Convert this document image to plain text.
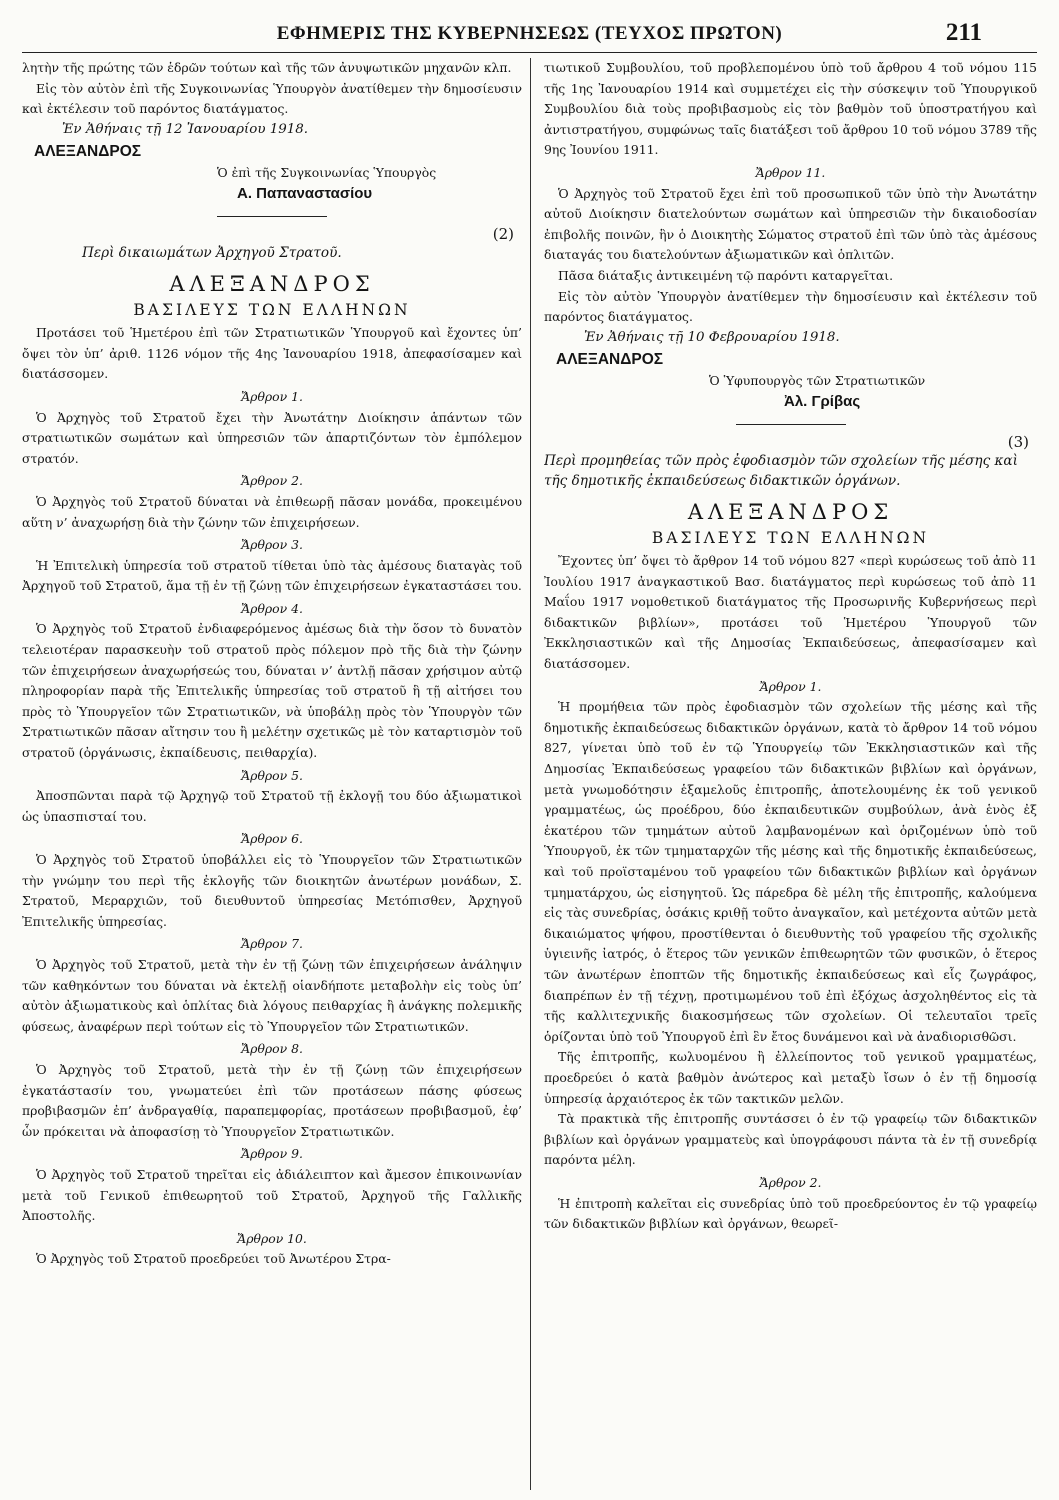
ΕΦΗΜΕΡΙΣ ΤΗΣ ΚΥΒΕΡΝΗΣΕΩΣ (ΤΕΥΧΟΣ ΠΡΩΤΟΝ)	211

λητὴν τῆς πρώτης τῶν ἑδρῶν τούτων καὶ τῆς τῶν ἀνυψωτικῶν μηχανῶν κλπ.

Εἰς τὸν αὐτὸν ἐπὶ τῆς Συγκοινωνίας Ὑπουργὸν ἀνατίθεμεν τὴν δημοσίευσιν καὶ ἐκτέλεσιν τοῦ παρόντος διατάγματος.

Ἐν Ἀθήναις τῇ 12 Ἰανουαρίου 1918.
ΑΛΕΞΑΝΔΡΟΣ
Ὁ ἐπὶ τῆς Συγκοινωνίας Ὑπουργὸς
Α. Παπαναστασίου
(2)
Περὶ δικαιωμάτων Ἀρχηγοῦ Στρατοῦ.
ΑΛΕΞΑΝΔΡΟΣ
ΒΑΣΙΛΕΥΣ ΤΩΝ ΕΛΛΗΝΩΝ

Προτάσει τοῦ Ἡμετέρου ἐπὶ τῶν Στρατιωτικῶν Ὑπουργοῦ καὶ ἔχοντες ὑπ’ ὄψει τὸν ὑπ’ ἀριθ. 1126 νόμον τῆς 4ης Ἰανουαρίου 1918, ἀπεφασίσαμεν καὶ διατάσσομεν.

Ἄρθρον 1.

Ὁ Ἀρχηγὸς τοῦ Στρατοῦ ἔχει τὴν Ἀνωτάτην Διοίκησιν ἁπάντων τῶν στρατιωτικῶν σωμάτων καὶ ὑπηρεσιῶν τῶν ἀπαρτιζόντων τὸν ἐμπόλεμον στρατόν.

Ἄρθρον 2.

Ὁ Ἀρχηγὸς τοῦ Στρατοῦ δύναται νὰ ἐπιθεωρῇ πᾶσαν μονάδα, προκειμένου αὕτη ν’ ἀναχωρήσῃ διὰ τὴν ζώνην τῶν ἐπιχειρήσεων.

Ἄρθρον 3.

Ἡ Ἐπιτελικὴ ὑπηρεσία τοῦ στρατοῦ τίθεται ὑπὸ τὰς ἀμέσους διαταγὰς τοῦ Ἀρχηγοῦ τοῦ Στρατοῦ, ἅμα τῇ ἐν τῇ ζώνῃ τῶν ἐπιχειρήσεων ἐγκαταστάσει του.

Ἄρθρον 4.

Ὁ Ἀρχηγὸς τοῦ Στρατοῦ ἐνδιαφερόμενος ἀμέσως διὰ τὴν ὅσον τὸ δυνατὸν τελειοτέραν παρασκευὴν τοῦ στρατοῦ πρὸς πόλεμον πρὸ τῆς διὰ τὴν ζώνην τῶν ἐπιχειρήσεων ἀναχωρήσεώς του, δύναται ν’ ἀντλῇ πᾶσαν χρήσιμον αὐτῷ πληροφορίαν παρὰ τῆς Ἐπιτελικῆς ὑπηρεσίας τοῦ στρατοῦ ἣ τῇ αἰτήσει του πρὸς τὸ Ὑπουργεῖον τῶν Στρατιωτικῶν, νὰ ὑποβάλῃ πρὸς τὸν Ὑπουργὸν τῶν Στρατιωτικῶν πᾶσαν αἴτησιν του ἢ μελέτην σχετικῶς μὲ τὸν καταρτισμὸν τοῦ στρατοῦ (ὀργάνωσις, ἐκπαίδευσις, πειθαρχία).

Ἄρθρον 5.

Ἀποσπῶνται παρὰ τῷ Ἀρχηγῷ τοῦ Στρατοῦ τῇ ἐκλογῇ του δύο ἀξιωματικοὶ ὡς ὑπασπισταί του.

Ἄρθρον 6.

Ὁ Ἀρχηγὸς τοῦ Στρατοῦ ὑποβάλλει εἰς τὸ Ὑπουργεῖον τῶν Στρατιωτικῶν τὴν γνώμην του περὶ τῆς ἐκλογῆς τῶν διοικητῶν ἀνωτέρων μονάδων, Σ. Στρατοῦ, Μεραρχιῶν, τοῦ διευθυντοῦ ὑπηρεσίας Μετόπισθεν, Ἀρχηγοῦ Ἐπιτελικῆς ὑπηρεσίας.

Ἄρθρον 7.

Ὁ Ἀρχηγὸς τοῦ Στρατοῦ, μετὰ τὴν ἐν τῇ ζώνῃ τῶν ἐπιχειρήσεων ἀνάληψιν τῶν καθηκόντων του δύναται νὰ ἐκτελῇ οἱανδήποτε μεταβολὴν εἰς τοὺς ὑπ’ αὐτὸν ἀξιωματικοὺς καὶ ὁπλίτας διὰ λόγους πειθαρχίας ἢ ἀνάγκης πολεμικῆς φύσεως, ἀναφέρων περὶ τούτων εἰς τὸ Ὑπουργεῖον τῶν Στρατιωτικῶν.

Ἄρθρον 8.

Ὁ Ἀρχηγὸς τοῦ Στρατοῦ, μετὰ τὴν ἐν τῇ ζώνῃ τῶν ἐπιχειρήσεων ἐγκατάστασίν του, γνωματεύει ἐπὶ τῶν προτάσεων πάσης φύσεως προβιβασμῶν ἐπ’ ἀνδραγαθίᾳ, παραπεμφορίας, προτάσεων προβιβασμοῦ, ἐφ’ ὧν πρόκειται νὰ ἀποφασίσῃ τὸ Ὑπουργεῖον Στρατιωτικῶν.

Ἄρθρον 9.

Ὁ Ἀρχηγὸς τοῦ Στρατοῦ τηρεῖται εἰς ἀδιάλειπτον καὶ ἄμεσον ἐπικοινωνίαν μετὰ τοῦ Γενικοῦ ἐπιθεωρητοῦ τοῦ Στρατοῦ, Ἀρχηγοῦ τῆς Γαλλικῆς Ἀποστολῆς.

Ἄρθρον 10.

Ὁ Ἀρχηγὸς τοῦ Στρατοῦ προεδρεύει τοῦ Ἀνωτέρου Στρα-

τιωτικοῦ Συμβουλίου, τοῦ προβλεπομένου ὑπὸ τοῦ ἄρθρου 4 τοῦ νόμου 115 τῆς 1ης Ἰανουαρίου 1914 καὶ συμμετέχει εἰς τὴν σύσκεψιν τοῦ Ὑπουργικοῦ Συμβουλίου διὰ τοὺς προβιβασμοὺς εἰς τὸν βαθμὸν τοῦ ὑποστρατήγου καὶ ἀντιστρατήγου, συμφώνως ταῖς διατάξεσι τοῦ ἄρθρου 10 τοῦ νόμου 3789 τῆς 9ης Ἰουνίου 1911.

Ἄρθρον 11.

Ὁ Ἀρχηγὸς τοῦ Στρατοῦ ἔχει ἐπὶ τοῦ προσωπικοῦ τῶν ὑπὸ τὴν Ἀνωτάτην αὐτοῦ Διοίκησιν διατελούντων σωμάτων καὶ ὑπηρεσιῶν τὴν δικαιοδοσίαν ἐπιβολῆς ποινῶν, ἣν ὁ Διοικητὴς Σώματος στρατοῦ ἐπὶ τῶν ὑπὸ τὰς ἀμέσους διαταγάς του διατελούντων ἀξιωματικῶν καὶ ὁπλιτῶν.

Πᾶσα διάταξις ἀντικειμένη τῷ παρόντι καταργεῖται.

Εἰς τὸν αὐτὸν Ὑπουργὸν ἀνατίθεμεν τὴν δημοσίευσιν καὶ ἐκτέλεσιν τοῦ παρόντος διατάγματος.

Ἐν Ἀθήναις τῇ 10 Φεβρουαρίου 1918.
ΑΛΕΞΑΝΔΡΟΣ
Ὁ Ὑφυπουργὸς τῶν Στρατιωτικῶν
Ἀλ. Γρίβας
(3)
Περὶ προμηθείας τῶν πρὸς ἐφοδιασμὸν τῶν σχολείων τῆς μέσης καὶ τῆς δημοτικῆς ἐκπαιδεύσεως διδακτικῶν ὀργάνων.
ΑΛΕΞΑΝΔΡΟΣ
ΒΑΣΙΛΕΥΣ ΤΩΝ ΕΛΛΗΝΩΝ

Ἔχοντες ὑπ’ ὄψει τὸ ἄρθρον 14 τοῦ νόμου 827 «περὶ κυρώσεως τοῦ ἀπὸ 11 Ἰουλίου 1917 ἀναγκαστικοῦ Βασ. διατάγματος περὶ κυρώσεως τοῦ ἀπὸ 11 Μαΐου 1917 νομοθετικοῦ διατάγματος τῆς Προσωρινῆς Κυβερνήσεως περὶ διδακτικῶν βιβλίων», προτάσει τοῦ Ἡμετέρου Ὑπουργοῦ τῶν Ἐκκλησιαστικῶν καὶ τῆς Δημοσίας Ἐκπαιδεύσεως, ἀπεφασίσαμεν καὶ διατάσσομεν.

Ἄρθρον 1.

Ἡ προμήθεια τῶν πρὸς ἐφοδιασμὸν τῶν σχολείων τῆς μέσης καὶ τῆς δημοτικῆς ἐκπαιδεύσεως διδακτικῶν ὀργάνων, κατὰ τὸ ἄρθρον 14 τοῦ νόμου 827, γίνεται ὑπὸ τοῦ ἐν τῷ Ὑπουργείῳ τῶν Ἐκκλησιαστικῶν καὶ τῆς Δημοσίας Ἐκπαιδεύσεως γραφείου τῶν διδακτικῶν βιβλίων καὶ ὀργάνων, μετὰ γνωμοδότησιν ἑξαμελοῦς ἐπιτροπῆς, ἀποτελουμένης ἐκ τοῦ γενικοῦ γραμματέως, ὡς προέδρου, δύο ἐκπαιδευτικῶν συμβούλων, ἀνὰ ἑνὸς ἐξ ἑκατέρου τῶν τμημάτων αὐτοῦ λαμβανομένων καὶ ὁριζομένων ὑπὸ τοῦ Ὑπουργοῦ, ἐκ τῶν τμηματαρχῶν τῆς μέσης καὶ τῆς δημοτικῆς ἐκπαιδεύσεως, καὶ τοῦ προϊσταμένου τοῦ γραφείου τῶν διδακτικῶν βιβλίων καὶ ὀργάνων τμηματάρχου, ὡς εἰσηγητοῦ. Ὡς πάρεδρα δὲ μέλη τῆς ἐπιτροπῆς, καλούμενα εἰς τὰς συνεδρίας, ὁσάκις κριθῇ τοῦτο ἀναγκαῖον, καὶ μετέχοντα αὐτῶν μετὰ δικαιώματος ψήφου, προστίθενται ὁ διευθυντὴς τοῦ γραφείου τῆς σχολικῆς ὑγιεινῆς ἰατρός, ὁ ἕτερος τῶν γενικῶν ἐπιθεωρητῶν τῶν φυσικῶν, ὁ ἕτερος τῶν ἀνωτέρων ἐποπτῶν τῆς δημοτικῆς ἐκπαιδεύσεως καὶ εἷς ζωγράφος, διαπρέπων ἐν τῇ τέχνῃ, προτιμωμένου τοῦ ἐπὶ ἐξόχως ἀσχοληθέντος εἰς τὰ τῆς καλλιτεχνικῆς διακοσμήσεως τῶν σχολείων. Οἱ τελευταῖοι τρεῖς ὁρίζονται ὑπὸ τοῦ Ὑπουργοῦ ἐπὶ ἓν ἔτος δυνάμενοι καὶ νὰ ἀναδιορισθῶσι.

Τῆς ἐπιτροπῆς, κωλυομένου ἢ ἐλλείποντος τοῦ γενικοῦ γραμματέως, προεδρεύει ὁ κατὰ βαθμὸν ἀνώτερος καὶ μεταξὺ ἴσων ὁ ἐν τῇ δημοσίᾳ ὑπηρεσίᾳ ἀρχαιότερος ἐκ τῶν τακτικῶν μελῶν.

Τὰ πρακτικὰ τῆς ἐπιτροπῆς συντάσσει ὁ ἐν τῷ γραφείῳ τῶν διδακτικῶν βιβλίων καὶ ὀργάνων γραμματεὺς καὶ ὑπογράφουσι πάντα τὰ ἐν τῇ συνεδρίᾳ παρόντα μέλη.

Ἄρθρον 2.

Ἡ ἐπιτροπὴ καλεῖται εἰς συνεδρίας ὑπὸ τοῦ προεδρεύοντος ἐν τῷ γραφείῳ τῶν διδακτικῶν βιβλίων καὶ ὀργάνων, θεωρεῖ-
